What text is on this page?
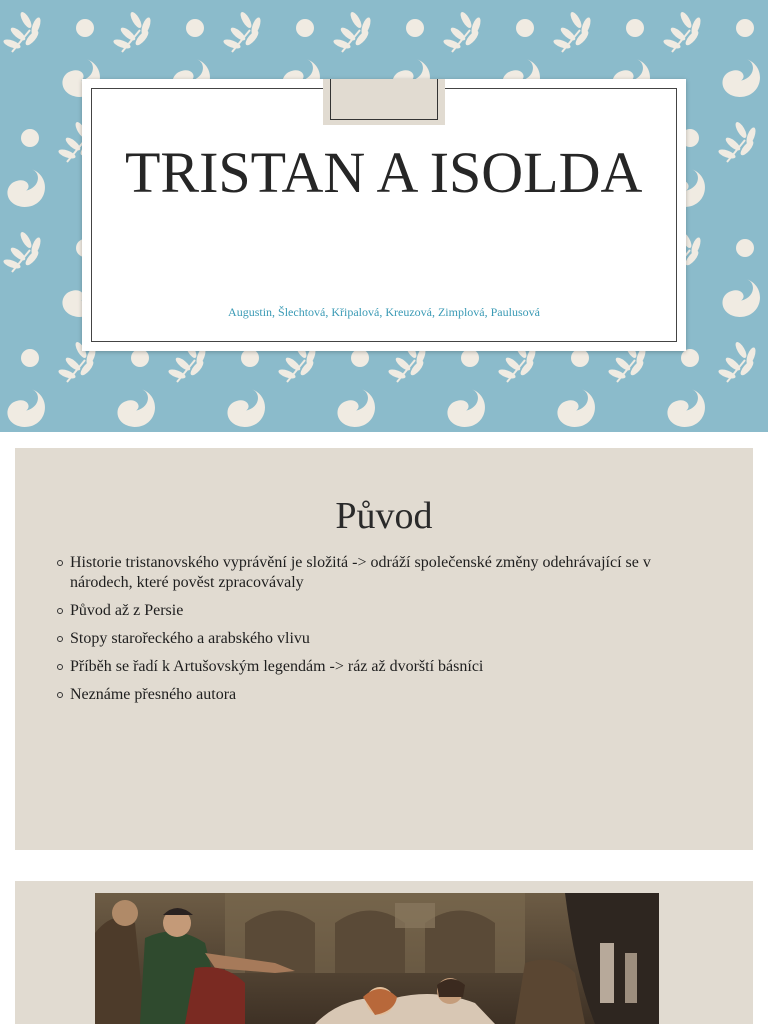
TRISTAN A ISOLDA
Augustin, Šlechtová, Křipalová, Kreuzová, Zimplová, Paulusová
Původ
Historie tristanovského vyprávění je složitá -> odráží společenské změny odehrávající se v národech, které pověst zpracovávaly
Původ až z Persie
Stopy starořeckého a arabského vlivu
Příběh se řadí k Artušovským legendám -> ráz až dvorští básníci
Neznáme přesného autora
